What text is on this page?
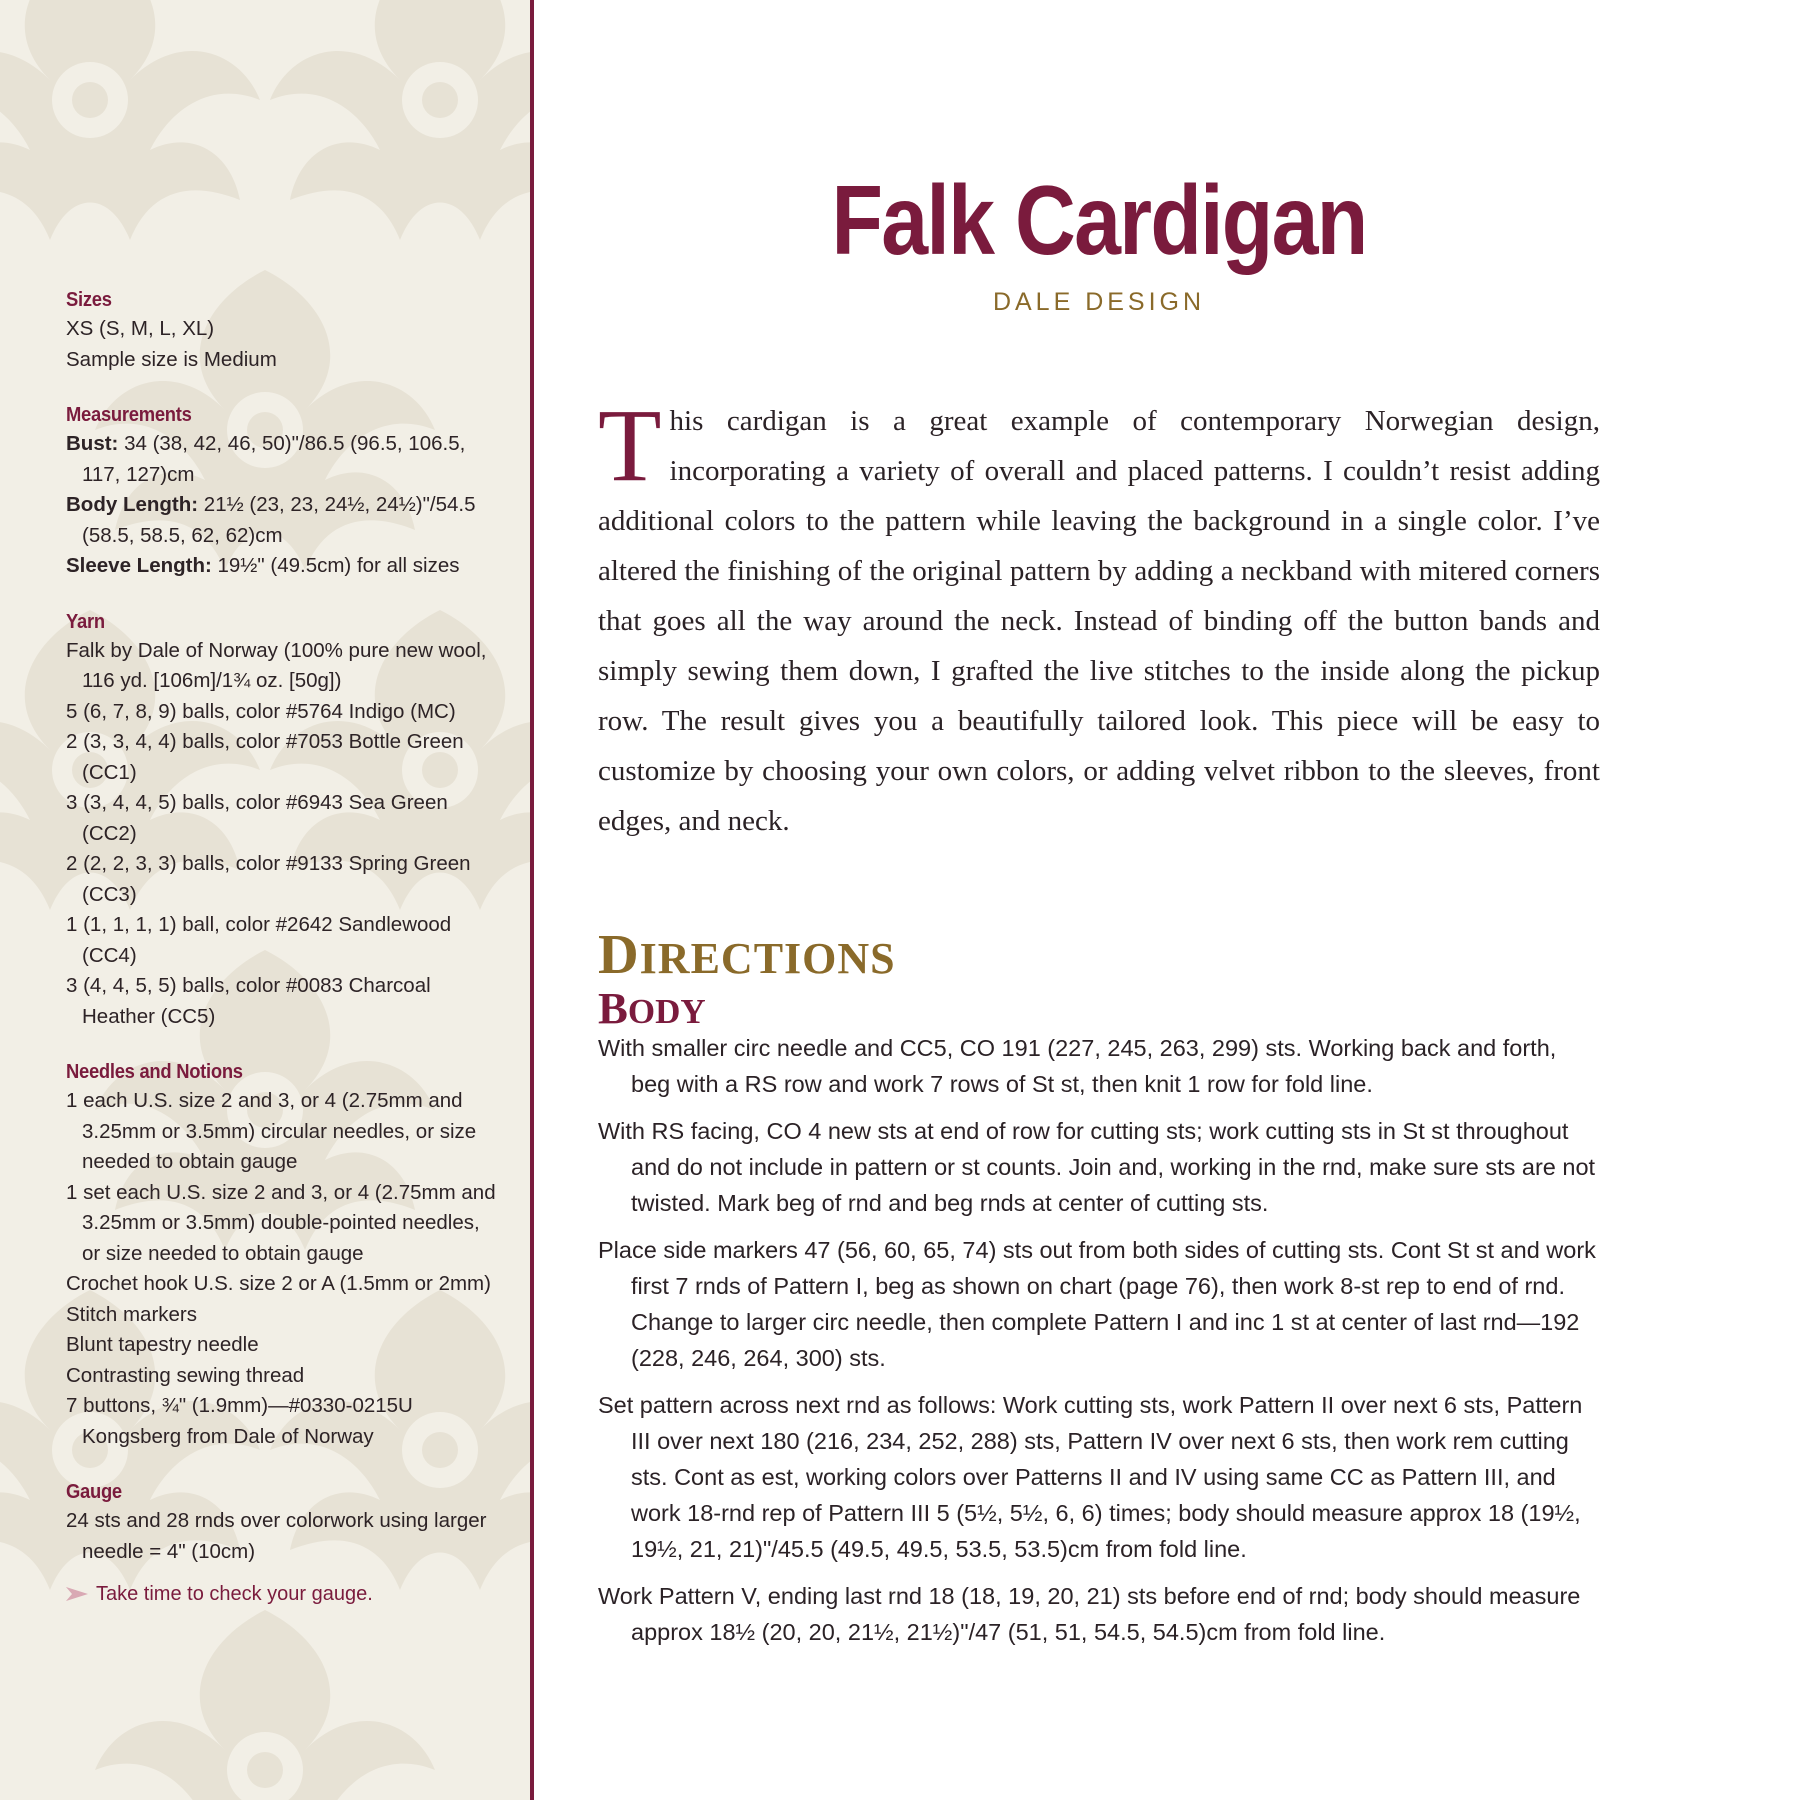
Sizes

XS (S, M, L, XL)

Sample size is Medium

Measurements

Bust: 34 (38, 42, 46, 50)"/86.5 (96.5, 106.5, 117, 127)cm

Body Length: 21½ (23, 23, 24½, 24½)"/54.5 (58.5, 58.5, 62, 62)cm

Sleeve Length: 19½" (49.5cm) for all sizes

Yarn

Falk by Dale of Norway (100% pure new wool, 116 yd. [106m]/1¾ oz. [50g])

5 (6, 7, 8, 9) balls, color #5764 Indigo (MC)

2 (3, 3, 4, 4) balls, color #7053 Bottle Green (CC1)

3 (3, 4, 4, 5) balls, color #6943 Sea Green (CC2)

2 (2, 2, 3, 3) balls, color #9133 Spring Green (CC3)

1 (1, 1, 1, 1) ball, color #2642 Sandlewood (CC4)

3 (4, 4, 5, 5) balls, color #0083 Charcoal Heather (CC5)

Needles and Notions

1 each U.S. size 2 and 3, or 4 (2.75mm and 3.25mm or 3.5mm) circular needles, or size needed to obtain gauge

1 set each U.S. size 2 and 3, or 4 (2.75mm and 3.25mm or 3.5mm) double-pointed needles, or size needed to obtain gauge

Crochet hook U.S. size 2 or A (1.5mm or 2mm)

Stitch markers

Blunt tapestry needle

Contrasting sewing thread

7 buttons, ¾" (1.9mm)—#0330-0215U Kongsberg from Dale of Norway

Gauge

24 sts and 28 rnds over colorwork using larger needle = 4" (10cm)

Take time to check your gauge.

Falk Cardigan

DALE DESIGN

This cardigan is a great example of contemporary Norwegian design, incorporating a variety of overall and placed patterns. I couldn’t resist adding additional colors to the pattern while leaving the background in a single color. I’ve altered the finishing of the original pattern by adding a neckband with mitered corners that goes all the way around the neck. Instead of binding off the button bands and simply sewing them down, I grafted the live stitches to the inside along the pickup row. The result gives you a beautifully tailored look. This piece will be easy to customize by choosing your own colors, or adding velvet ribbon to the sleeves, front edges, and neck.

DIRECTIONS
BODY

With smaller circ needle and CC5, CO 191 (227, 245, 263, 299) sts. Working back and forth, beg with a RS row and work 7 rows of St st, then knit 1 row for fold line.

With RS facing, CO 4 new sts at end of row for cutting sts; work cutting sts in St st throughout and do not include in pattern or st counts. Join and, working in the rnd, make sure sts are not twisted. Mark beg of rnd and beg rnds at center of cutting sts.

Place side markers 47 (56, 60, 65, 74) sts out from both sides of cutting sts. Cont St st and work first 7 rnds of Pattern I, beg as shown on chart (page 76), then work 8-st rep to end of rnd. Change to larger circ needle, then complete Pattern I and inc 1 st at center of last rnd—192 (228, 246, 264, 300) sts.

Set pattern across next rnd as follows: Work cutting sts, work Pattern II over next 6 sts, Pattern III over next 180 (216, 234, 252, 288) sts, Pattern IV over next 6 sts, then work rem cutting sts. Cont as est, working colors over Patterns II and IV using same CC as Pattern III, and work 18-rnd rep of Pattern III 5 (5½, 5½, 6, 6) times; body should measure approx 18 (19½, 19½, 21, 21)"/45.5 (49.5, 49.5, 53.5, 53.5)cm from fold line.

Work Pattern V, ending last rnd 18 (18, 19, 20, 21) sts before end of rnd; body should measure approx 18½ (20, 20, 21½, 21½)"/47 (51, 51, 54.5, 54.5)cm from fold line.
